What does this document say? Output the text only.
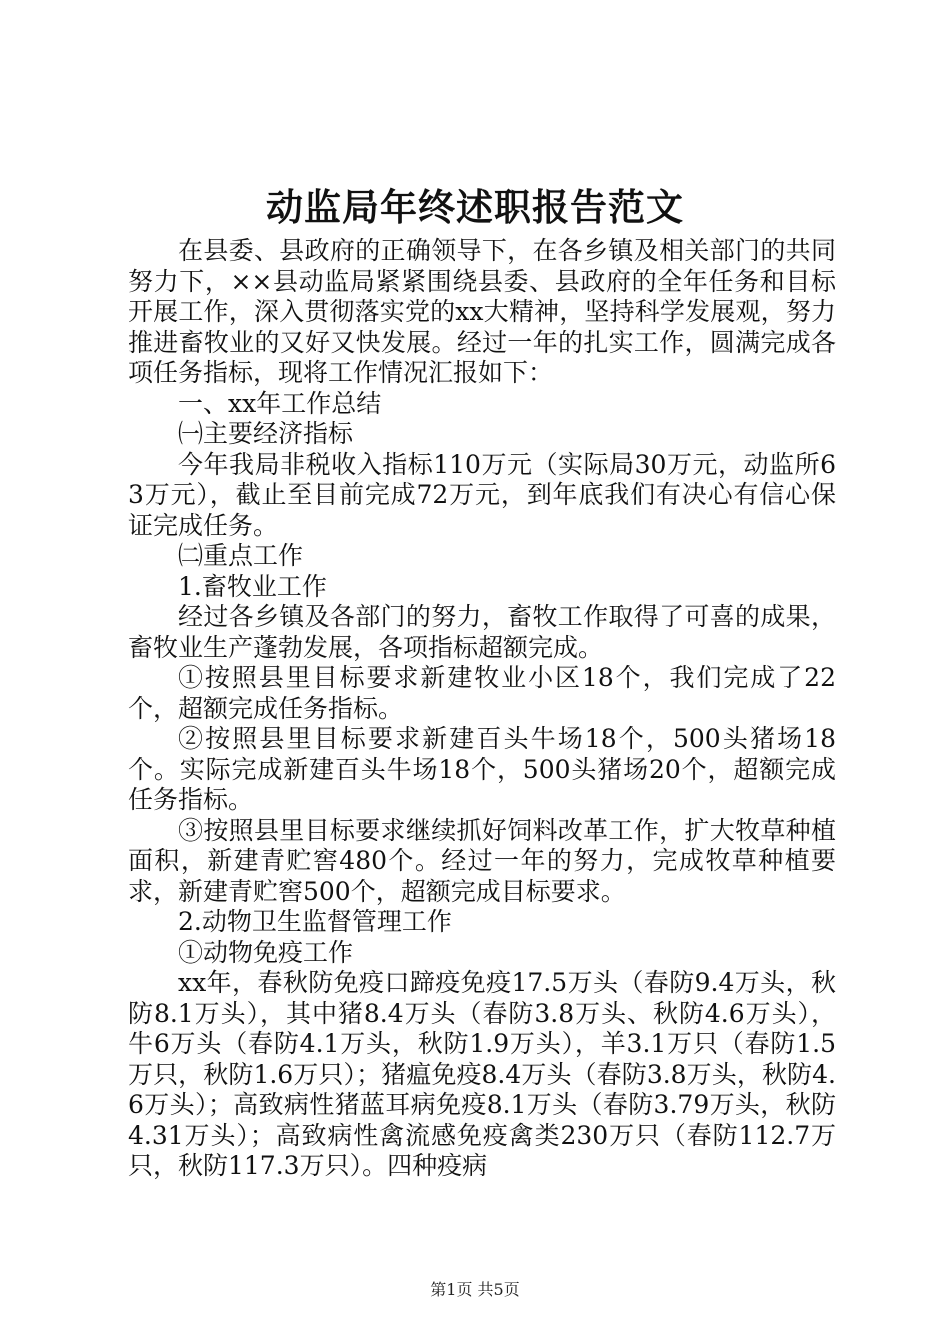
动监局年终述职报告范文

在县委、县政府的正确领导下，在各乡镇及相关部门的共同努力下，××县动监局紧紧围绕县委、县政府的全年任务和目标开展工作，深入贯彻落实党的xx大精神，坚持科学发展观，努力推进畜牧业的又好又快发展。经过一年的扎实工作，圆满完成各项任务指标，现将工作情况汇报如下：

一、xx年工作总结

㈠主要经济指标

今年我局非税收入指标110万元（实际局30万元，动监所63万元），截止至目前完成72万元，到年底我们有决心有信心保证完成任务。

㈡重点工作

1.畜牧业工作

经过各乡镇及各部门的努力，畜牧工作取得了可喜的成果，畜牧业生产蓬勃发展，各项指标超额完成。

①按照县里目标要求新建牧业小区18个，我们完成了22个，超额完成任务指标。

②按照县里目标要求新建百头牛场18个，500头猪场18个。实际完成新建百头牛场18个，500头猪场20个，超额完成任务指标。

③按照县里目标要求继续抓好饲料改革工作，扩大牧草种植面积，新建青贮窖480个。经过一年的努力，完成牧草种植要求，新建青贮窖500个，超额完成目标要求。

2.动物卫生监督管理工作

①动物免疫工作

xx年，春秋防免疫口蹄疫免疫17.5万头（春防9.4万头，秋防8.1万头），其中猪8.4万头（春防3.8万头、秋防4.6万头），牛6万头（春防4.1万头，秋防1.9万头），羊3.1万只（春防1.5万只，秋防1.6万只）；猪瘟免疫8.4万头（春防3.8万头，秋防4.6万头）；高致病性猪蓝耳病免疫8.1万头（春防3.79万头，秋防4.31万头）；高致病性禽流感免疫禽类230万只（春防112.7万只，秋防117.3万只）。四种疫病

第1页 共5页
